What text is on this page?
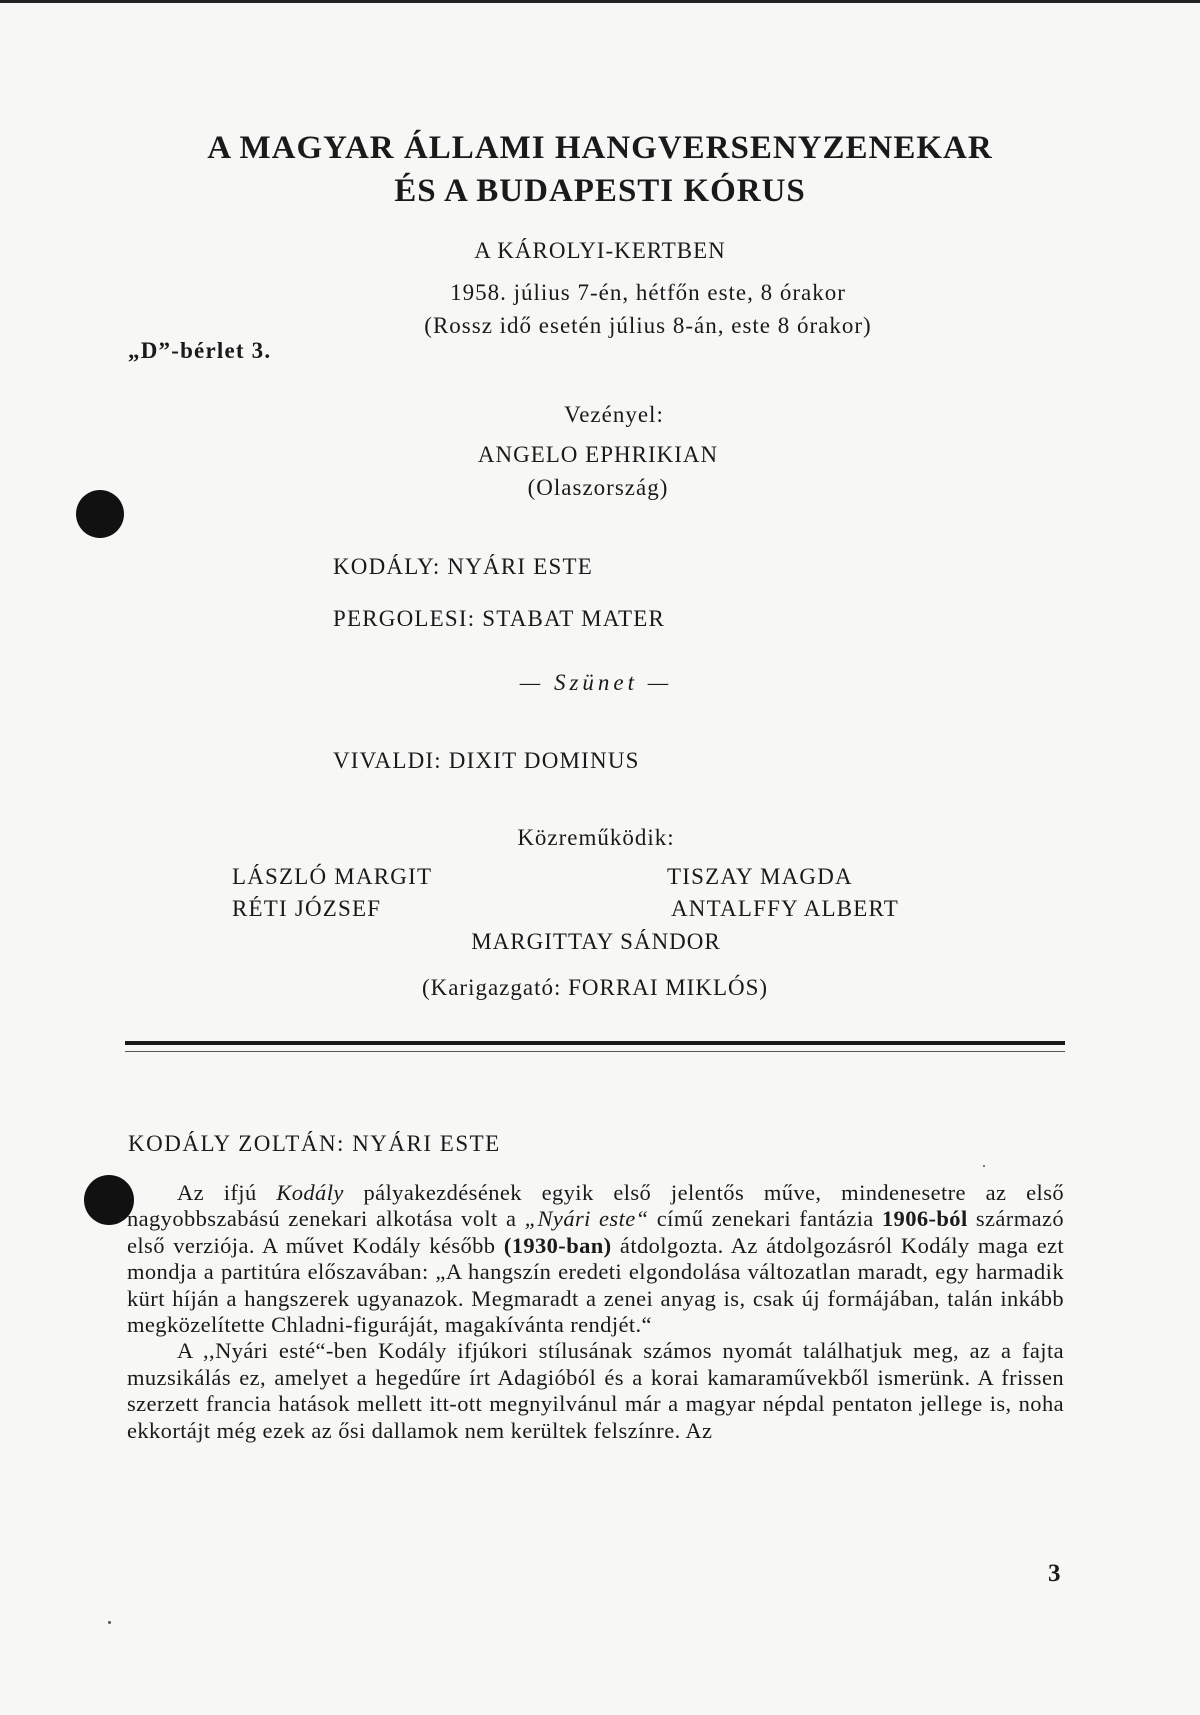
A MAGYAR ÁLLAMI HANGVERSENYZENEKAR
ÉS A BUDAPESTI KÓRUS
A KÁROLYI-KERTBEN
1958. július 7-én, hétfőn este, 8 órakor
(Rossz idő esetén július 8-án, este 8 órakor)
„D”-bérlet 3.
Vezényel:
ANGELO EPHRIKIAN
(Olaszország)
KODÁLY: NYÁRI ESTE
PERGOLESI: STABAT MATER
— Szünet —
VIVALDI: DIXIT DOMINUS
Közreműködik:
LÁSZLÓ MARGIT	TISZAY MAGDA
RÉTI JÓZSEF	ANTALFFY ALBERT
MARGITTAY SÁNDOR
(Karigazgató: FORRAI MIKLÓS)
KODÁLY ZOLTÁN: NYÁRI ESTE

Az ifjú Kodály pályakezdésének egyik első jelentős műve, mindenesetre az első nagyobbszabású zenekari alkotása volt a „Nyári este“ című zenekari fantázia 1906-ból származó első verziója. A művet Kodály később (1930-ban) átdolgozta. Az átdolgozásról Kodály maga ezt mondja a partitúra előszavában: „A hangszín eredeti elgondolása változatlan maradt, egy harmadik kürt híján a hangszerek ugyanazok. Megmaradt a zenei anyag is, csak új formájában, talán inkább megközelítette Chladni-figuráját, magakívánta rendjét.“

A ,,Nyári esté“-ben Kodály ifjúkori stílusának számos nyomát találhatjuk meg, az a fajta muzsikálás ez, amelyet a hegedűre írt Adagióból és a korai kamaraművekből ismerünk. A frissen szerzett francia hatások mellett itt-ott megnyilvánul már a magyar népdal pentaton jellege is, noha ekkortájt még ezek az ősi dallamok nem kerültek felszínre. Az

3
